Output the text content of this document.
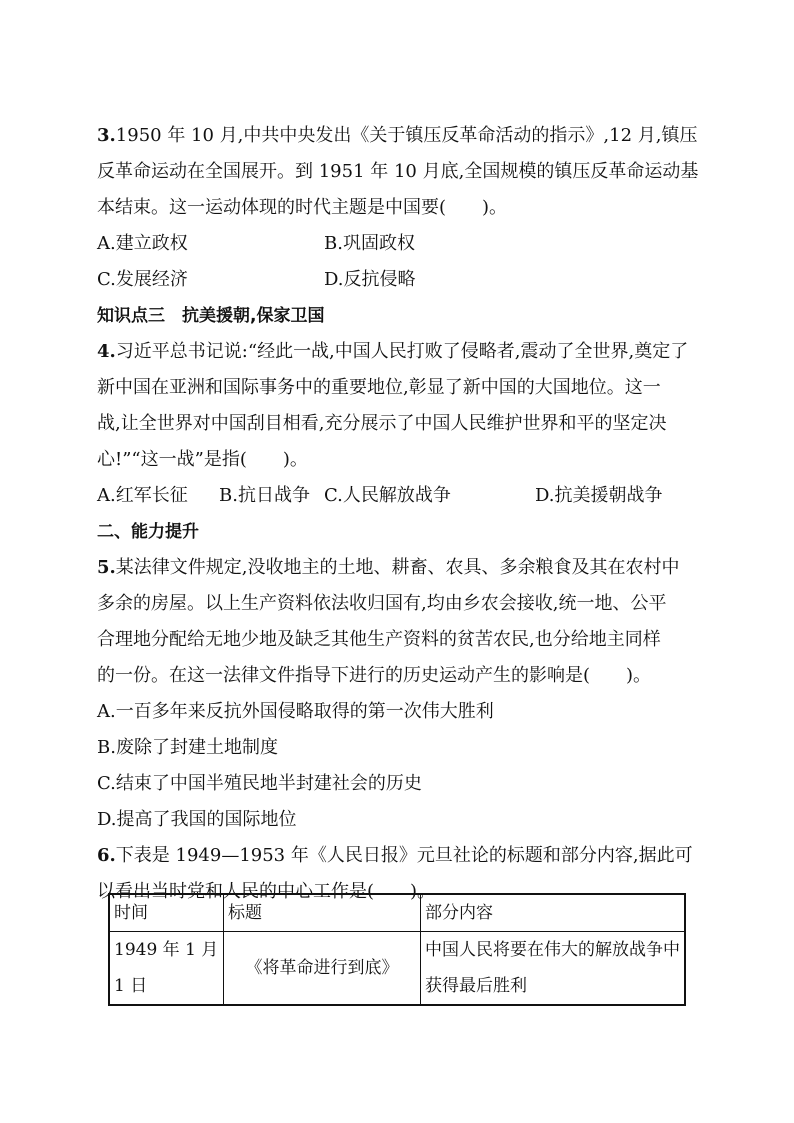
3.1950 年 10 月,中共中央发出《关于镇压反革命活动的指示》,12 月,镇压
反革命运动在全国展开。到 1951 年 10 月底,全国规模的镇压反革命运动基
本结束。这一运动体现的时代主题是中国要(　　)。
A.建立政权	B.巩固政权
C.发展经济	D.反抗侵略
知识点三　抗美援朝,保家卫国
4.习近平总书记说:“经此一战,中国人民打败了侵略者,震动了全世界,奠定了
新中国在亚洲和国际事务中的重要地位,彰显了新中国的大国地位。这一
战,让全世界对中国刮目相看,充分展示了中国人民维护世界和平的坚定决
心!”“这一战”是指(　　)。
A.红军长征 B.抗日战争 C.人民解放战争	D.抗美援朝战争
二、能力提升
5.某法律文件规定,没收地主的土地、耕畜、农具、多余粮食及其在农村中
多余的房屋。以上生产资料依法收归国有,均由乡农会接收,统一地、公平
合理地分配给无地少地及缺乏其他生产资料的贫苦农民,也分给地主同样
的一份。在这一法律文件指导下进行的历史运动产生的影响是(　　)。
A.一百多年来反抗外国侵略取得的第一次伟大胜利
B.废除了封建土地制度
C.结束了中国半殖民地半封建社会的历史
D.提高了我国的国际地位
6.下表是 1949—1953 年《人民日报》元旦社论的标题和部分内容,据此可
以看出当时党和人民的中心工作是(　　)。
时间	标题	部分内容
1949 年 1 月 1 日	《将革命进行到底》	中国人民将要在伟大的解放战争中获得最后胜利
